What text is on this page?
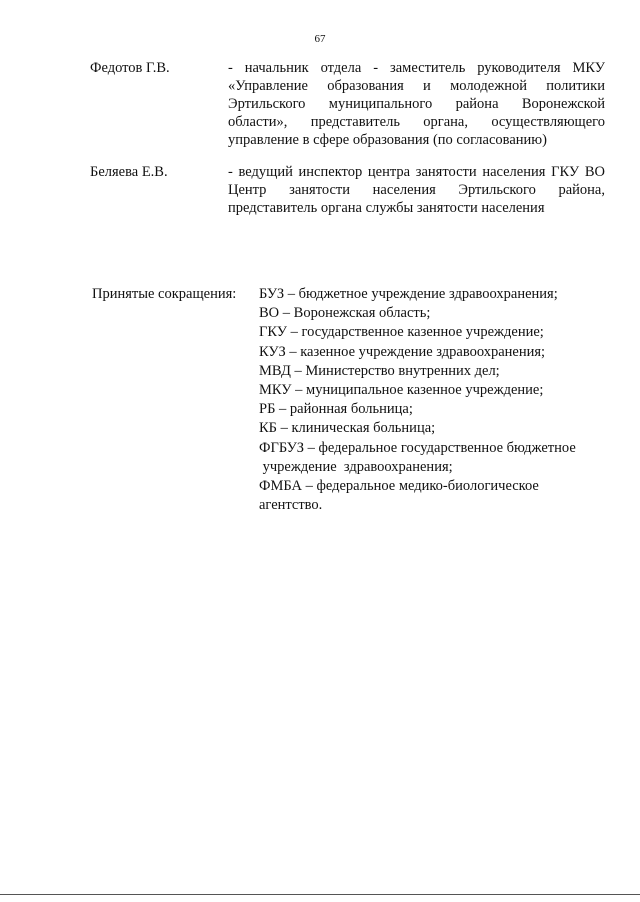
67
Федотов Г.В.	- начальник отдела - заместитель руководителя МКУ
«Управление образования и молодежной политики
Эртильского муниципального района Воронежской
области», представитель органа, осуществляющего
управление в сфере образования (по согласованию)
Беляева Е.В.	- ведущий инспектор центра занятости населения ГКУ ВО
Центр занятости населения Эртильского района,
представитель органа службы занятости населения
Принятые сокращения: БУЗ – бюджетное учреждение здравоохранения;
ВО – Воронежская область;
ГКУ – государственное казенное учреждение;
КУЗ – казенное учреждение здравоохранения;
МВД – Министерство внутренних дел;
МКУ – муниципальное казенное учреждение;
РБ – районная больница;
КБ – клиническая больница;
ФГБУЗ – федеральное государственное бюджетное
учреждение  здравоохранения;
ФМБА – федеральное медико-биологическое
агентство.
